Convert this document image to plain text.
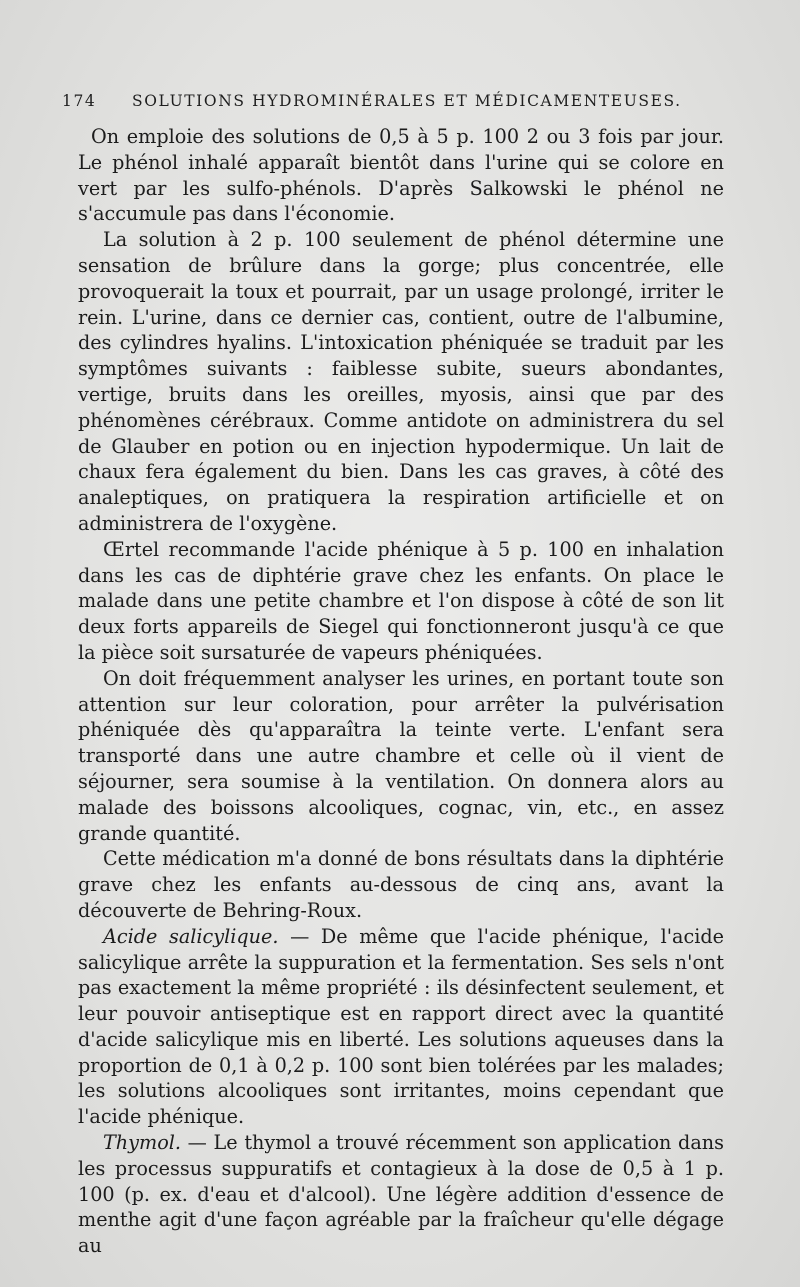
174 SOLUTIONS HYDROMINÉRALES ET MÉDICAMENTEUSES.

On emploie des solutions de 0,5 à 5 p. 100 2 ou 3 fois par jour. Le phénol inhalé apparaît bientôt dans l'urine qui se colore en vert par les sulfo-phénols. D'après Salkowski le phénol ne s'accumule pas dans l'économie.

La solution à 2 p. 100 seulement de phénol détermine une sensation de brûlure dans la gorge; plus concentrée, elle provoquerait la toux et pourrait, par un usage prolongé, irriter le rein. L'urine, dans ce dernier cas, contient, outre de l'albumine, des cylindres hyalins. L'intoxication phéniquée se traduit par les symptômes suivants : faiblesse subite, sueurs abondantes, vertige, bruits dans les oreilles, myosis, ainsi que par des phénomènes cérébraux. Comme antidote on administrera du sel de Glauber en potion ou en injection hypodermique. Un lait de chaux fera également du bien. Dans les cas graves, à côté des analeptiques, on pratiquera la respiration artificielle et on administrera de l'oxygène.

Œrtel recommande l'acide phénique à 5 p. 100 en inhalation dans les cas de diphtérie grave chez les enfants. On place le malade dans une petite chambre et l'on dispose à côté de son lit deux forts appareils de Siegel qui fonctionneront jusqu'à ce que la pièce soit sursaturée de vapeurs phéniquées.

On doit fréquemment analyser les urines, en portant toute son attention sur leur coloration, pour arrêter la pulvérisation phéniquée dès qu'apparaîtra la teinte verte. L'enfant sera transporté dans une autre chambre et celle où il vient de séjourner, sera soumise à la ventilation. On donnera alors au malade des boissons alcooliques, cognac, vin, etc., en assez grande quantité.

Cette médication m'a donné de bons résultats dans la diphtérie grave chez les enfants au-dessous de cinq ans, avant la découverte de Behring-Roux.

Acide salicylique. — De même que l'acide phénique, l'acide salicylique arrête la suppuration et la fermentation. Ses sels n'ont pas exactement la même propriété : ils désinfectent seulement, et leur pouvoir antiseptique est en rapport direct avec la quantité d'acide salicylique mis en liberté. Les solutions aqueuses dans la proportion de 0,1 à 0,2 p. 100 sont bien tolérées par les malades; les solutions alcooliques sont irritantes, moins cependant que l'acide phénique.

Thymol. — Le thymol a trouvé récemment son application dans les processus suppuratifs et contagieux à la dose de 0,5 à 1 p. 100 (p. ex. d'eau et d'alcool). Une légère addition d'essence de menthe agit d'une façon agréable par la fraîcheur qu'elle dégage au
